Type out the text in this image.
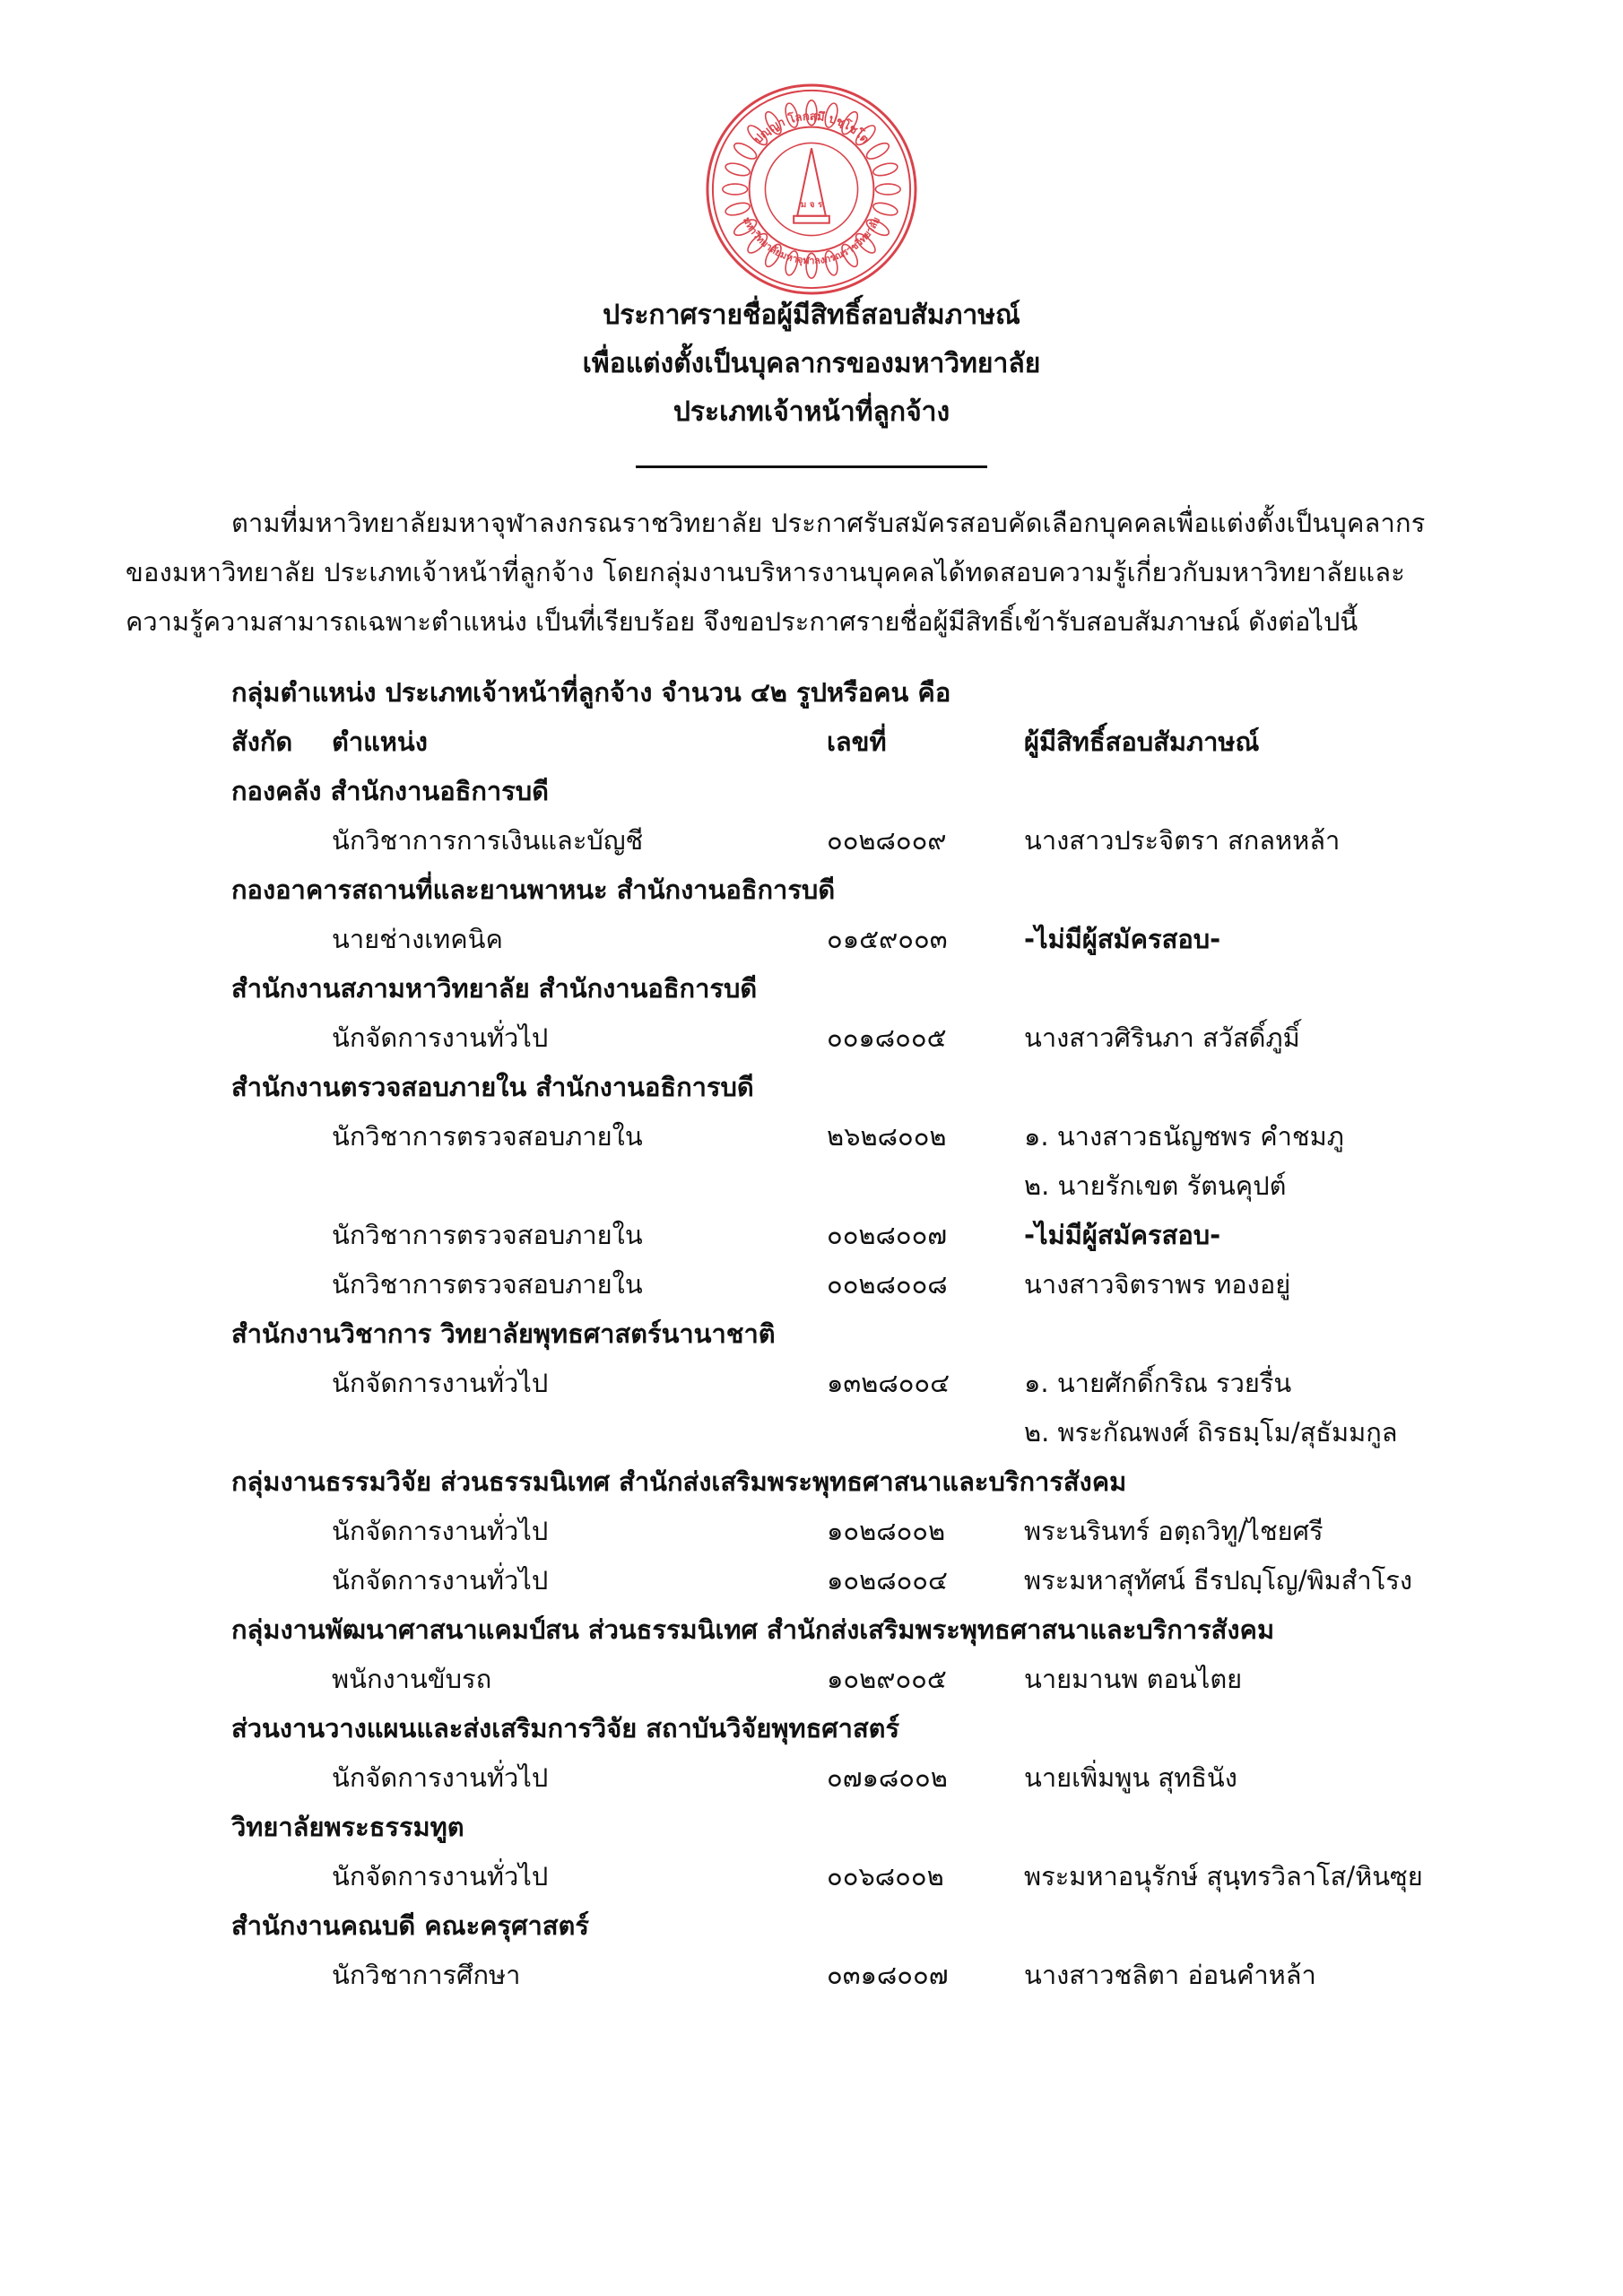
ปญฺญา โลกสฺมึ ปชฺโชโต
มหาวิทยาลัยมหาจุฬาลงกรณราชวิทยาลัย
ม จ ร
ประกาศรายชื่อผู้มีสิทธิ์สอบสัมภาษณ์
เพื่อแต่งตั้งเป็นบุคลากรของมหาวิทยาลัย
ประเภทเจ้าหน้าที่ลูกจ้าง
ตามที่มหาวิทยาลัยมหาจุฬาลงกรณราชวิทยาลัย ประกาศรับสมัครสอบคัดเลือกบุคคลเพื่อแต่งตั้งเป็นบุคลากร
ของมหาวิทยาลัย ประเภทเจ้าหน้าที่ลูกจ้าง โดยกลุ่มงานบริหารงานบุคคลได้ทดสอบความรู้เกี่ยวกับมหาวิทยาลัยและ
ความรู้ความสามารถเฉพาะตำแหน่ง เป็นที่เรียบร้อย จึงขอประกาศรายชื่อผู้มีสิทธิ์เข้ารับสอบสัมภาษณ์ ดังต่อไปนี้
กลุ่มตำแหน่ง ประเภทเจ้าหน้าที่ลูกจ้าง จำนวน ๔๒ รูปหรือคน คือ
สังกัด ตำแหน่ง	เลขที่	ผู้มีสิทธิ์สอบสัมภาษณ์
กองคลัง สำนักงานอธิการบดี
นักวิชาการการเงินและบัญชี	๐๐๒๘๐๐๙	นางสาวประจิตรา สกลหหล้า
กองอาคารสถานที่และยานพาหนะ สำนักงานอธิการบดี
นายช่างเทคนิค	๐๑๕๙๐๐๓	-ไม่มีผู้สมัครสอบ-
สำนักงานสภามหาวิทยาลัย สำนักงานอธิการบดี
นักจัดการงานทั่วไป	๐๐๑๘๐๐๕	นางสาวศิรินภา สวัสดิ์ภูมิ์
สำนักงานตรวจสอบภายใน สำนักงานอธิการบดี
นักวิชาการตรวจสอบภายใน	๒๖๒๘๐๐๒	๑. นางสาวธนัญชพร คำชมภู
๒. นายรักเขต รัตนคุปต์
นักวิชาการตรวจสอบภายใน	๐๐๒๘๐๐๗	-ไม่มีผู้สมัครสอบ-
นักวิชาการตรวจสอบภายใน	๐๐๒๘๐๐๘	นางสาวจิตราพร ทองอยู่
สำนักงานวิชาการ วิทยาลัยพุทธศาสตร์นานาชาติ
นักจัดการงานทั่วไป	๑๓๒๘๐๐๔	๑. นายศักดิ์กริณ รวยรื่น
๒. พระกัณพงศ์ ถิรธมฺโม/สุธัมมกูล
กลุ่มงานธรรมวิจัย ส่วนธรรมนิเทศ สำนักส่งเสริมพระพุทธศาสนาและบริการสังคม
นักจัดการงานทั่วไป	๑๐๒๘๐๐๒	พระนรินทร์ อตฺถวิทู/ไชยศรี
นักจัดการงานทั่วไป	๑๐๒๘๐๐๔	พระมหาสุทัศน์ ธีรปญฺโญ/พิมสำโรง
กลุ่มงานพัฒนาศาสนาแคมป์สน ส่วนธรรมนิเทศ สำนักส่งเสริมพระพุทธศาสนาและบริการสังคม
พนักงานขับรถ	๑๐๒๙๐๐๕	นายมานพ ตอนไตย
ส่วนงานวางแผนและส่งเสริมการวิจัย สถาบันวิจัยพุทธศาสตร์
นักจัดการงานทั่วไป	๐๗๑๘๐๐๒	นายเพิ่มพูน สุทธินัง
วิทยาลัยพระธรรมทูต
นักจัดการงานทั่วไป	๐๐๖๘๐๐๒	พระมหาอนุรักษ์ สุนฺทรวิลาโส/หินซุย
สำนักงานคณบดี คณะครุศาสตร์
นักวิชาการศึกษา	๐๓๑๘๐๐๗	นางสาวชลิตา อ่อนคำหล้า
